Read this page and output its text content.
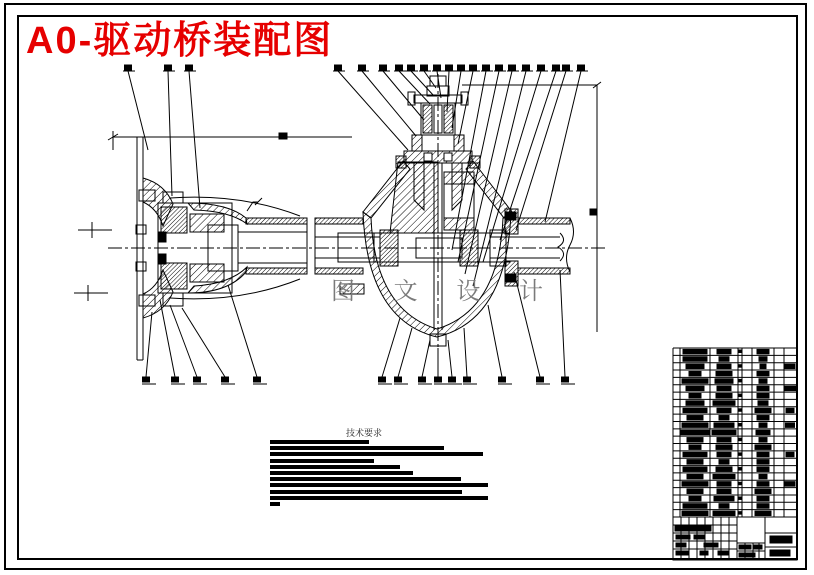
A0-驱动桥装配图
图 文 设 计
技术要求
